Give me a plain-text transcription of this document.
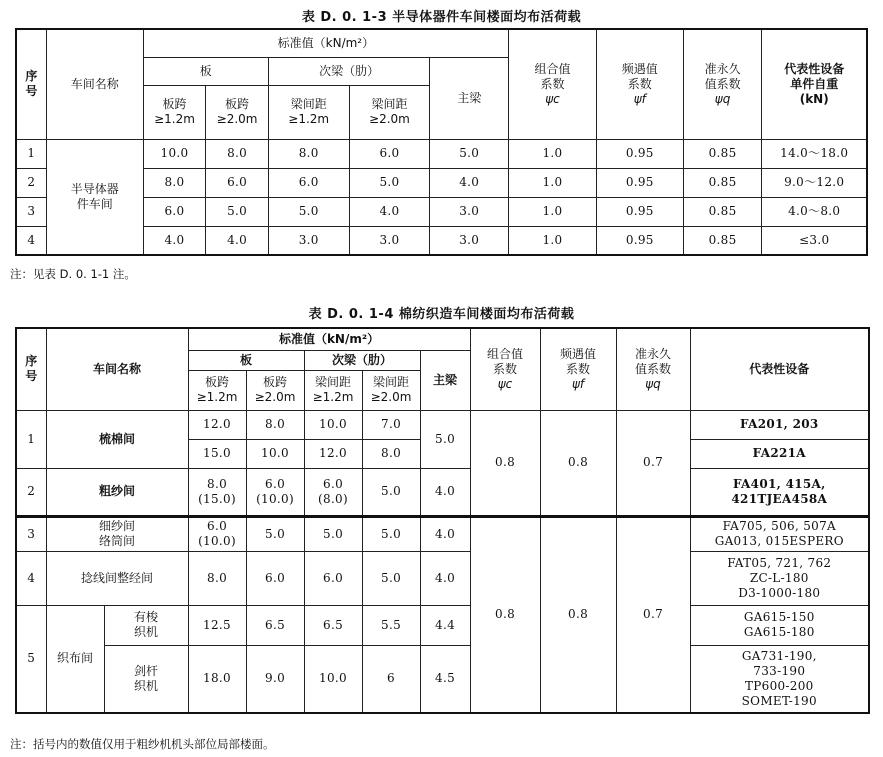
表 D. 0. 1-3 半导体器件车间楼面均布活荷载
序
号	车间名称	标准值（kN/m²）					组合值
系数
ψc	频遇值
系数
ψf	准永久
值系数
ψq	代表性设备
单件自重
(kN)
		板		次梁（肋）		主梁				
		板跨
≥1.2m	板跨
≥2.0m	梁间距
≥1.2m	梁间距
≥2.0m					
1	半导体器
件车间	10.0	8.0	8.0	6.0	5.0	1.0	0.95	0.85	14.0～18.0
2		8.0	6.0	6.0	5.0	4.0	1.0	0.95	0.85	9.0～12.0
3		6.0	5.0	5.0	4.0	3.0	1.0	0.95	0.85	4.0～8.0
4		4.0	4.0	3.0	3.0	3.0	1.0	0.95	0.85	≤3.0
注：见表 D. 0. 1-1 注。
表 D. 0. 1-4 棉纺织造车间楼面均布活荷载
序
号	车间名称		标准值（kN/m²）					组合值
系数
ψc	频遇值
系数
ψf	准永久
值系数
ψq	代表性设备
			板		次梁（肋）		主梁				
			板跨
≥1.2m	板跨
≥2.0m	梁间距
≥1.2m	梁间距
≥2.0m					
1	梳棉间		12.0	8.0	10.0	7.0	5.0	0.8	0.8	0.7	FA201, 203
			15.0	10.0	12.0	8.0					FA221A
2	粗纱间		8.0
(15.0)	6.0
(10.0)	6.0
(8.0)	5.0	4.0				FA401, 415A,
421TJEA458A
3	细纱间
络筒间		6.0
(10.0)	5.0	5.0	5.0	4.0	0.8	0.8	0.7	FA705, 506, 507A
GA013, 015ESPERO
4	捻线间整经间		8.0	6.0	6.0	5.0	4.0				FAT05, 721, 762
ZC-L-180
D3-1000-180
5	织布间	有梭
织机	12.5	6.5	6.5	5.5	4.4				GA615-150
GA615-180
		剑杆
织机	18.0	9.0	10.0	6	4.5				GA731-190,
733-190
TP600-200
SOMET-190
注：括号内的数值仅用于粗纱机机头部位局部楼面。
